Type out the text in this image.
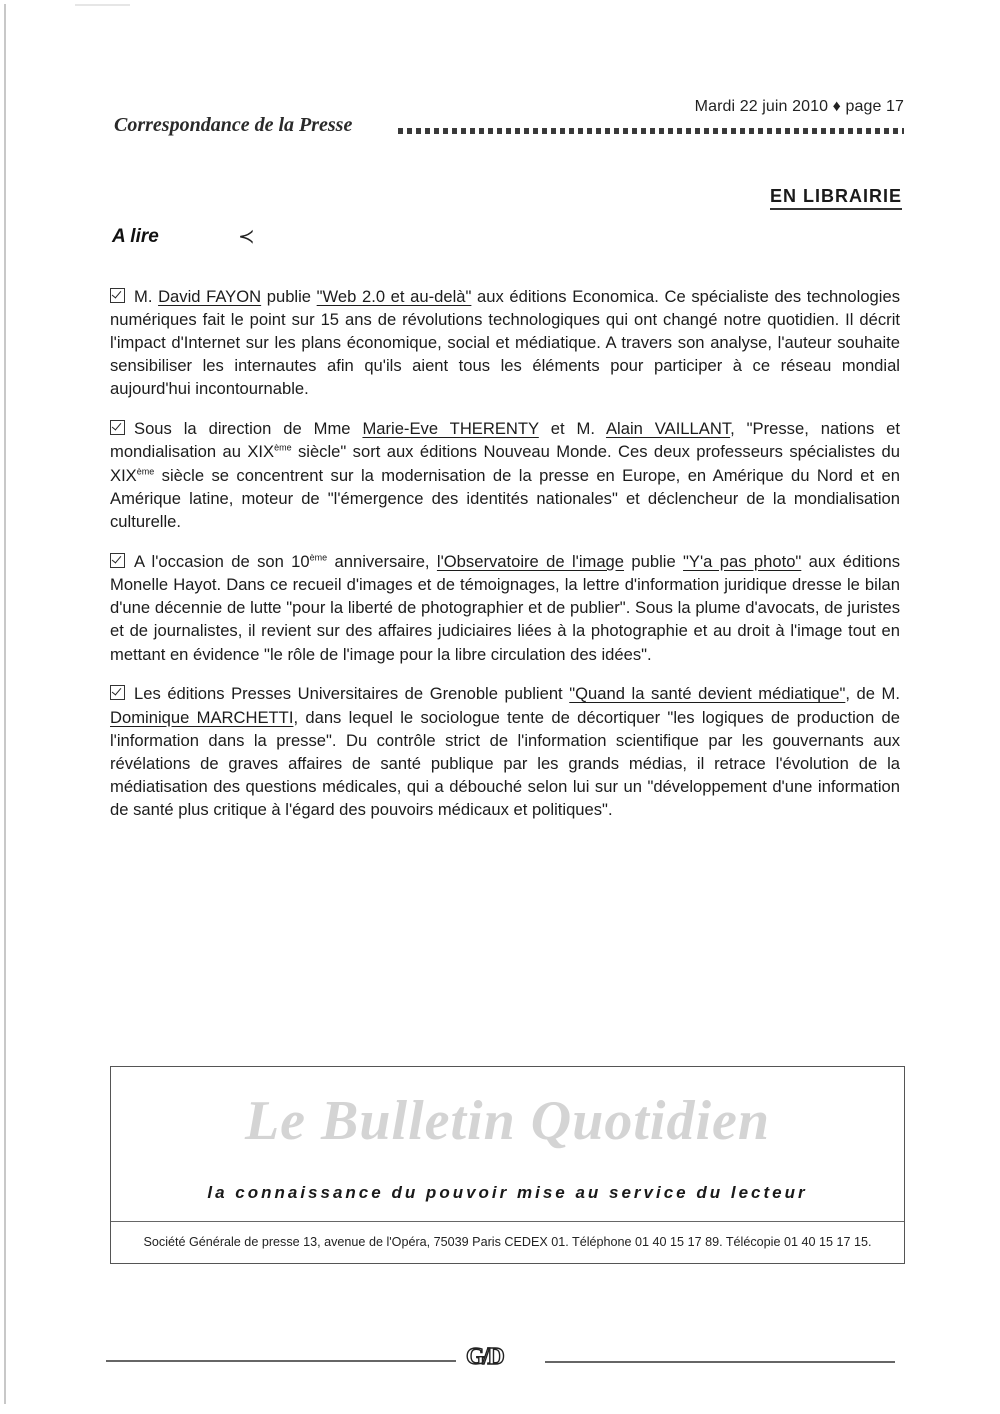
Mardi 22 juin 2010 ♦ page 17
Correspondance de la Presse
EN LIBRAIRIE
A lire	≺

M. David FAYON publie "Web 2.0 et au-delà" aux éditions Economica. Ce spécialiste des technologies numériques fait le point sur 15 ans de révolutions technologiques qui ont changé notre quotidien. Il décrit l'impact d'Internet sur les plans économique, social et médiatique. A travers son analyse, l'auteur souhaite sensibiliser les internautes afin qu'ils aient tous les éléments pour participer à ce réseau mondial aujourd'hui incontournable.

Sous la direction de Mme Marie-Eve THERENTY et M. Alain VAILLANT, "Presse, nations et mondialisation au XIXème siècle" sort aux éditions Nouveau Monde. Ces deux professeurs spécialistes du XIXème siècle se concentrent sur la modernisation de la presse en Europe, en Amérique du Nord et en Amérique latine, moteur de "l'émergence des identités nationales" et déclencheur de la mondialisation culturelle.

A l'occasion de son 10ème anniversaire, l'Observatoire de l'image publie "Y'a pas photo" aux éditions Monelle Hayot. Dans ce recueil d'images et de témoignages, la lettre d'information juridique dresse le bilan d'une décennie de lutte "pour la liberté de photographier et de publier". Sous la plume d'avocats, de juristes et de journalistes, il revient sur des affaires judiciaires liées à la photographie et au droit à l'image tout en mettant en évidence "le rôle de l'image pour la libre circulation des idées".

Les éditions Presses Universitaires de Grenoble publient "Quand la santé devient médiatique", de M. Dominique MARCHETTI, dans lequel le sociologue tente de décortiquer "les logiques de production de l'information dans la presse". Du contrôle strict de l'information scientifique par les gouvernants aux révélations de graves affaires de santé publique par les grands médias, il retrace l'évolution de la médiatisation des questions médicales, qui a débouché selon lui sur un "développement d'une information de santé plus critique à l'égard des pouvoirs médicaux et politiques".

Le Bulletin Quotidien
la connaissance du pouvoir mise au service du lecteur
Société Générale de presse 13, avenue de l'Opéra, 75039 Paris CEDEX 01. Téléphone 01 40 15 17 89. Télécopie 01 40 15 17 15.
G/D
